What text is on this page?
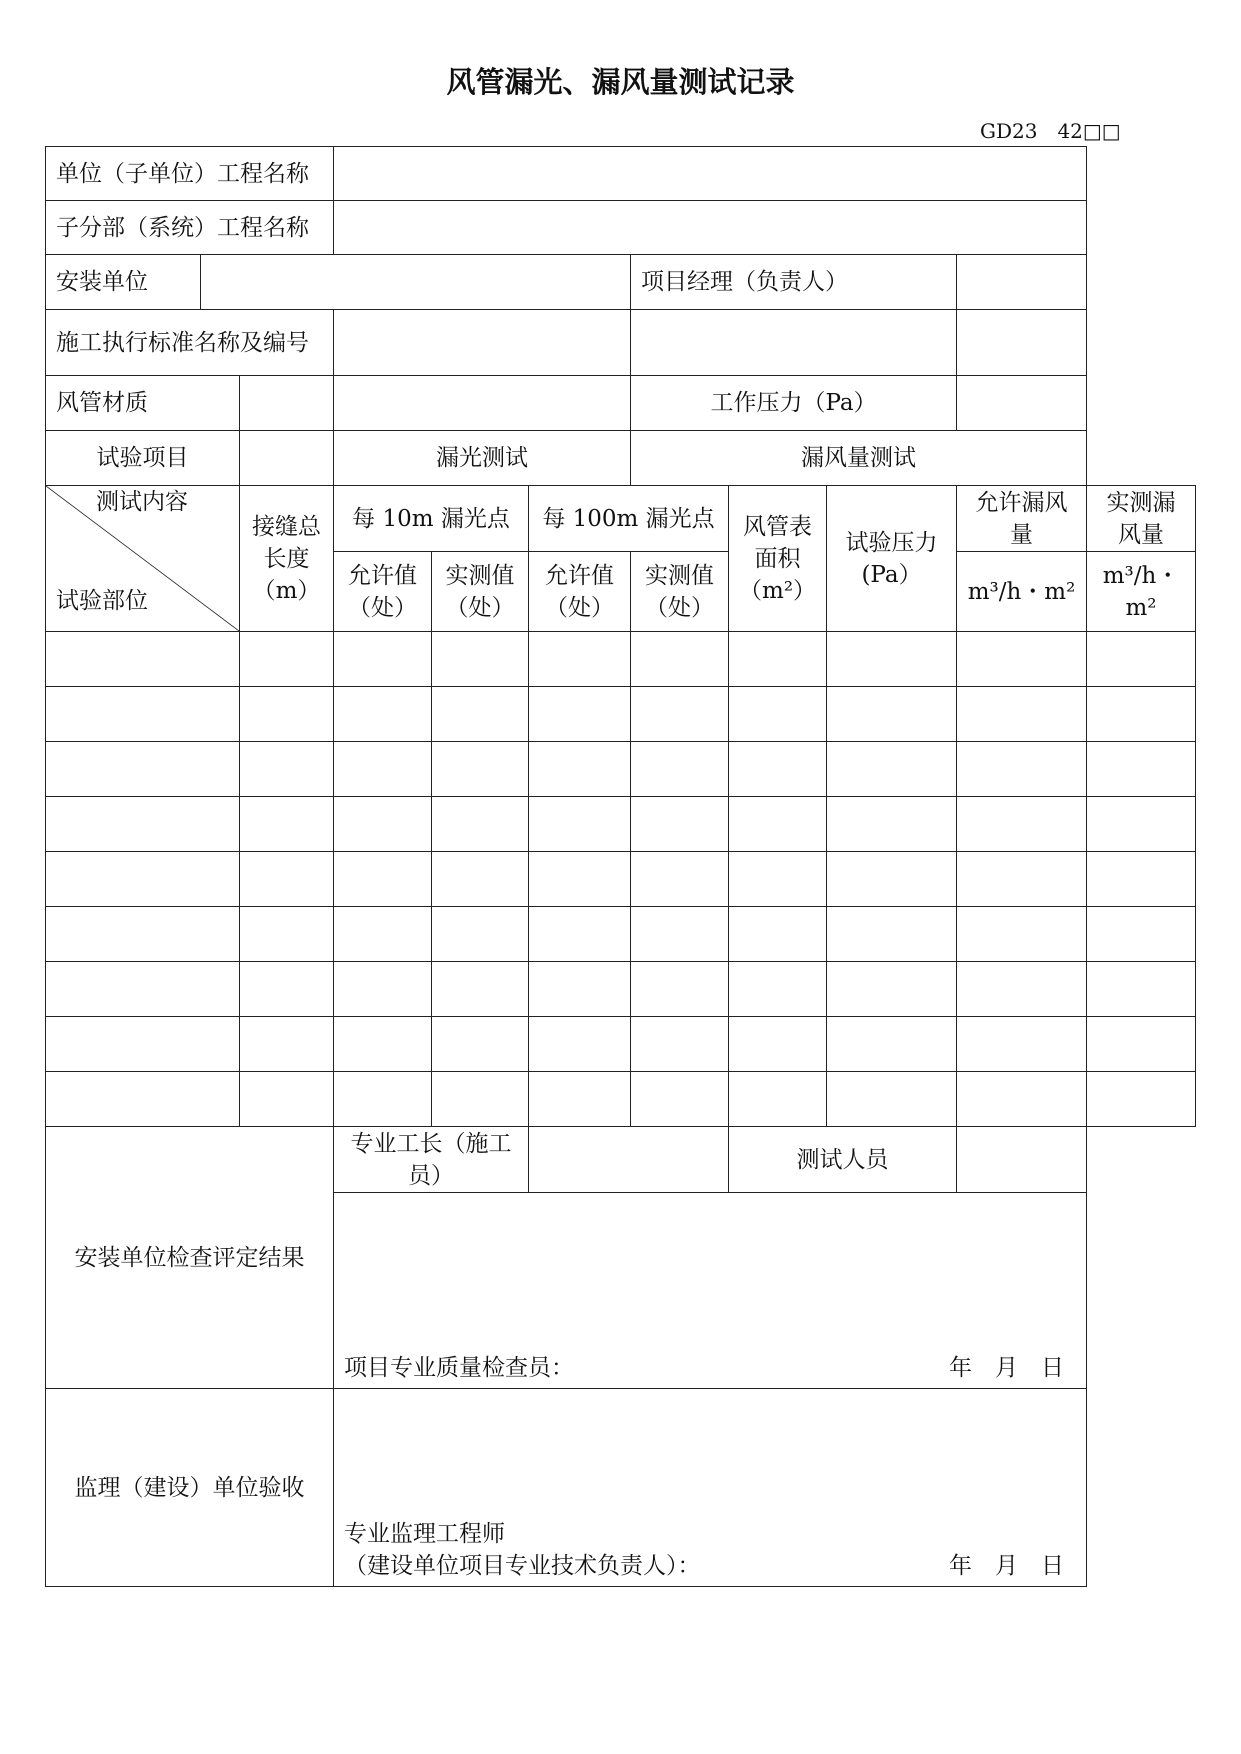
风管漏光、漏风量测试记录
GD23　42□□
单位（子单位）工程名称										
子分部（系统）工程名称										
安装单位						项目经理（负责人）				
施工执行标准名称及编号										
风管材质						工作压力（Pa）				
试验项目			漏光测试			漏风量测试				

测试内容
试验部位		接缝总长度（m）	每 10m 漏光点		每 100m 漏光点		风管表面积（m²）	试验压力(Pa）	允许漏风量	实测漏风量
			允许值（处）	实测值（处）	允许值（处）	实测值（处）			m³/h・m²	m³/h・m²

安装单位检查评定结果			专业工长（施工员）				测试人员			

			项目专业质量检查员： 年　月　日							

监理（建设）单位验收			专业监理工程师
（建设单位项目专业技术负责人）： 年　月　日							
